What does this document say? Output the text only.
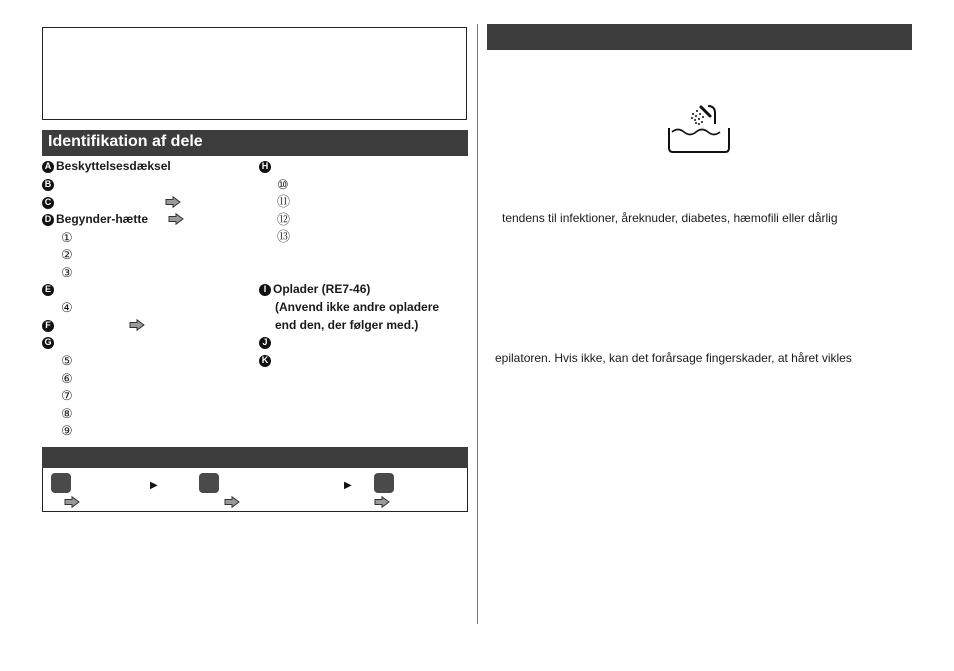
Identifikation af dele
A Beskyttelsesdæksel
B
C
D Begynder-hætte
①
②
③
E
④
F
G
⑤
⑥
⑦
⑧
⑨
H
⑩
⑪
⑫
⑬
I Oplader (RE7-46)
(Anvend ikke andre opladere
end den, der følger med.)
J
K
▶	▶
tendens til infektioner, åreknuder, diabetes, hæmofili eller dårlig
epilatoren. Hvis ikke, kan det forårsage fingerskader, at håret vikles
